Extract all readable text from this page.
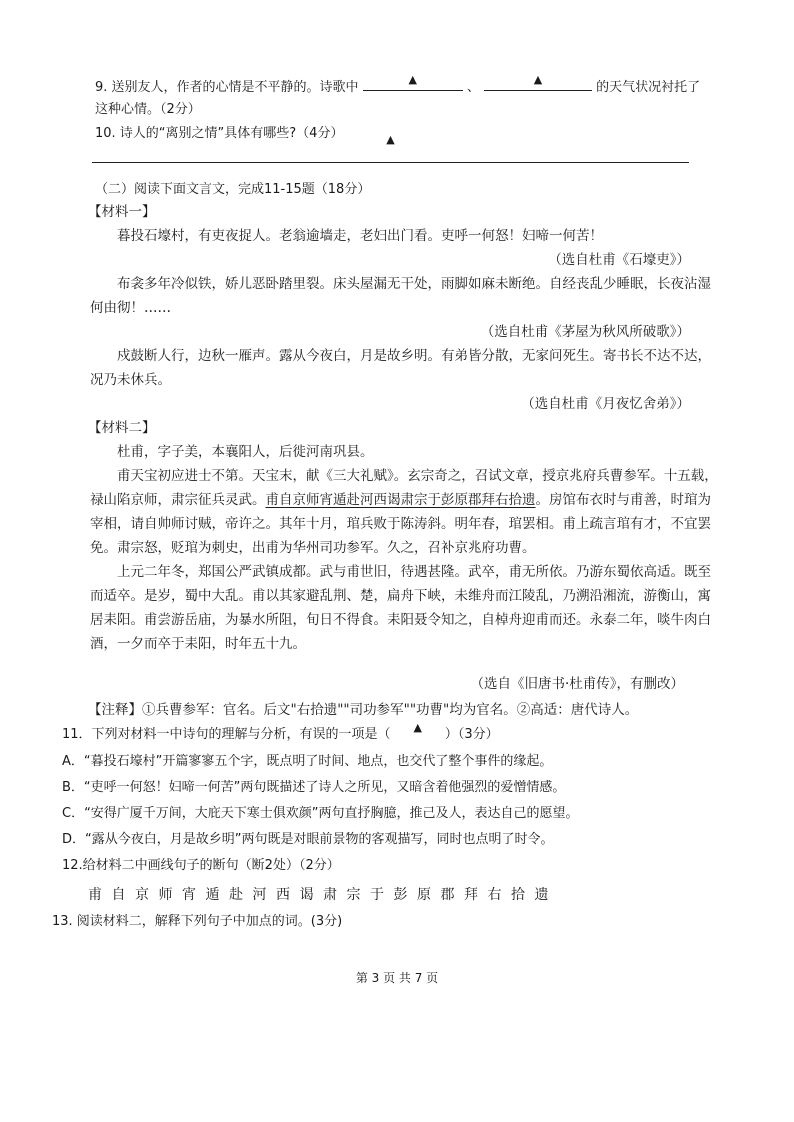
9. 送别友人，作者的心情是不平静的。诗歌中
▲
、
▲
的天气状况衬托了
这种心情。（2分）
10. 诗人的“离别之情”具体有哪些?（4分）	▲
（二）阅读下面文言文，完成11-15题（18分）
【材料一】
暮投石壕村，有吏夜捉人。老翁逾墙走，老妇出门看。吏呼一何怒！妇啼一何苦！
（选自杜甫《石壕吏》）
布衾多年冷似铁，娇儿恶卧踏里裂。床头屋漏无干处，雨脚如麻未断绝。自经丧乱少睡眠，长夜沾湿
何由彻！……
（选自杜甫《茅屋为秋风所破歌》）
戍鼓断人行，边秋一雁声。露从今夜白，月是故乡明。有弟皆分散，无家问死生。寄书长不达不达，
况乃未休兵。
（选自杜甫《月夜忆舍弟》）
【材料二】
杜甫，字子美，本襄阳人，后徙河南巩县。
甫天宝初应进士不第。天宝末，献《三大礼赋》。玄宗奇之，召试文章，授京兆府兵曹参军。十五载，
禄山陷京师，肃宗征兵灵武。甫自京师宵遁赴河西谒肃宗于彭原郡拜右拾遗。房馆布衣时与甫善，时琯为
宰相，请自帅师讨贼，帝许之。其年十月，琯兵败于陈涛斜。明年春，琯罢相。甫上疏言琯有才，不宜罢
免。肃宗怒，贬琯为刺史，出甫为华州司功参军。久之，召补京兆府功曹。
上元二年冬，郑国公严武镇成都。武与甫世旧，待遇甚隆。武卒，甫无所依。乃游东蜀依高适。既至
而适卒。是岁，蜀中大乱。甫以其家避乱荆、楚，扁舟下峡，未维舟而江陵乱，乃溯沿湘流，游衡山，寓
居耒阳。甫尝游岳庙，为暴水所阻，旬日不得食。耒阳聂令知之，自棹舟迎甫而还。永泰二年，啖牛肉白
酒，一夕而卒于耒阳，时年五十九。
（选自《旧唐书·杜甫传》，有删改）
【注释】①兵曹参军：官名。后文"右拾遗""司功参军""功曹"均为官名。②高适：唐代诗人。
11．下列对材料一中诗句的理解与分析，有误的一项是（ ▲ ）（3分）
A．“暮投石壕村”开篇寥寥五个字，既点明了时间、地点，也交代了整个事件的缘起。
B．“吏呼一何怒！妇啼一何苦”两句既描述了诗人之所见，又暗含着他强烈的爱憎情感。
C．“安得广厦千万间，大庇天下寒士俱欢颜”两句直抒胸臆，推己及人，表达自己的愿望。
D．“露从今夜白，月是故乡明”两句既是对眼前景物的客观描写，同时也点明了时令。
12.给材料二中画线句子的断句（断2处）（2分）
甫 自 京 师 宵 遁 赴 河 西 谒 肃 宗 于 彭 原 郡 拜 右 拾 遗
13. 阅读材料二，解释下列句子中加点的词。(3分)
第 3 页 共 7 页
